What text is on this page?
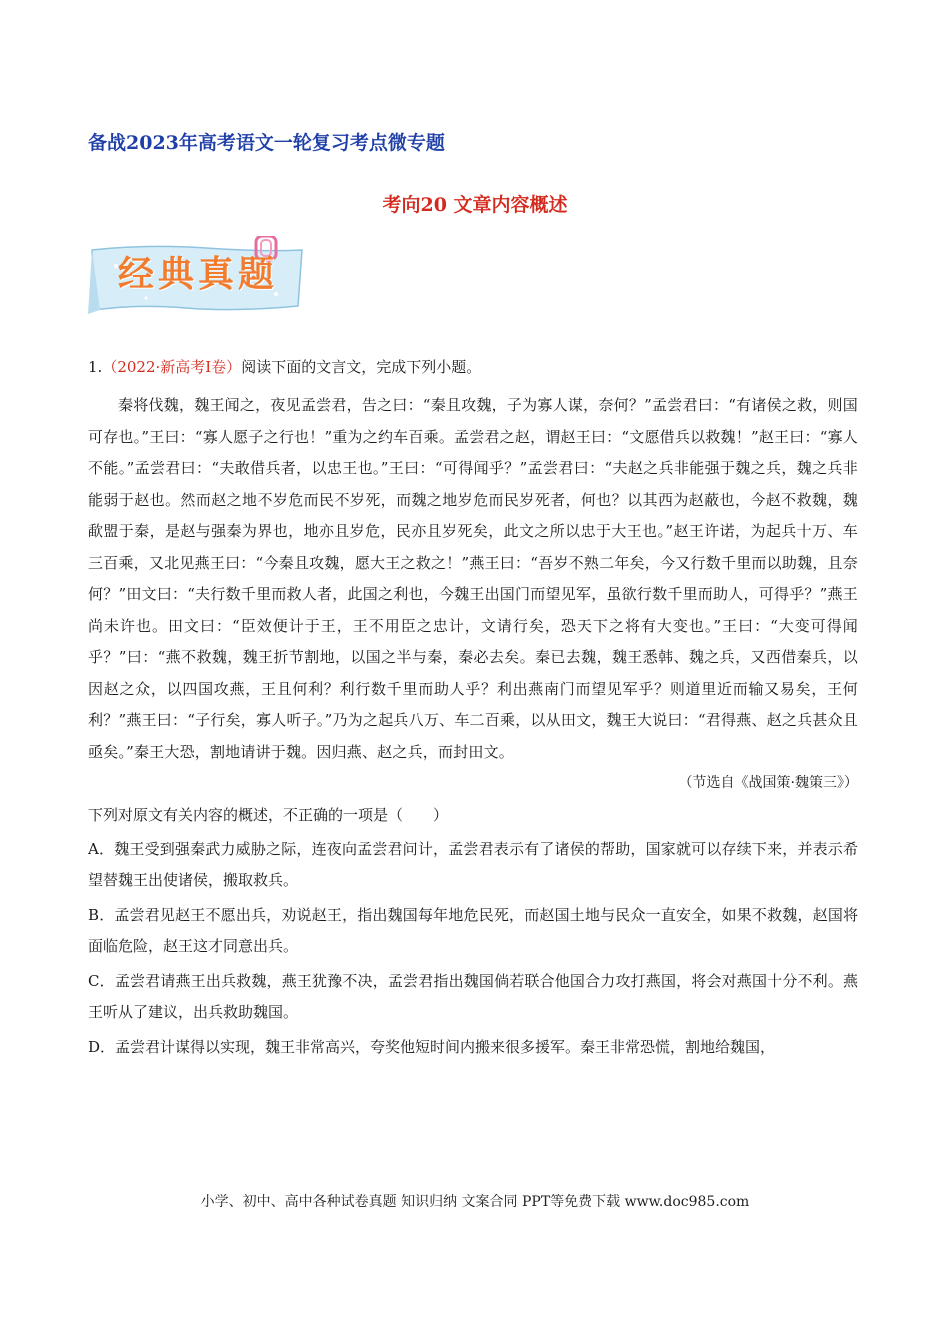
备战2023年高考语文一轮复习考点微专题
考向20 文章内容概述
经典真题

1.（2022·新高考Ⅰ卷）阅读下面的文言文，完成下列小题。

秦将伐魏，魏王闻之，夜见孟尝君，告之曰：“秦且攻魏，子为寡人谋，奈何？”孟尝君曰：“有诸侯之救，则国可存也。”王曰：“寡人愿子之行也！”重为之约车百乘。孟尝君之赵，谓赵王曰：“文愿借兵以救魏！”赵王曰：“寡人不能。”孟尝君曰：“夫敢借兵者，以忠王也。”王曰：“可得闻乎？”孟尝君曰：“夫赵之兵非能强于魏之兵，魏之兵非能弱于赵也。然而赵之地不岁危而民不岁死，而魏之地岁危而民岁死者，何也？以其西为赵蔽也，今赵不救魏，魏歃盟于秦，是赵与强秦为界也，地亦且岁危，民亦且岁死矣，此文之所以忠于大王也。”赵王许诺，为起兵十万、车三百乘，又北见燕王曰：“今秦且攻魏，愿大王之救之！”燕王曰：“吾岁不熟二年矣，今又行数千里而以助魏，且奈何？”田文曰：“夫行数千里而救人者，此国之利也，今魏王出国门而望见军，虽欲行数千里而助人，可得乎？”燕王尚未许也。田文曰：“臣效便计于王，王不用臣之忠计，文请行矣，恐天下之将有大变也。”王曰：“大变可得闻乎？”曰：“燕不救魏，魏王折节割地，以国之半与秦，秦必去矣。秦已去魏，魏王悉韩、魏之兵，又西借秦兵，以因赵之众，以四国攻燕，王且何利？利行数千里而助人乎？利出燕南门而望见军乎？则道里近而输又易矣，王何利？”燕王曰：“子行矣，寡人听子。”乃为之起兵八万、车二百乘，以从田文，魏王大说曰：“君得燕、赵之兵甚众且亟矣。”秦王大恐，割地请讲于魏。因归燕、赵之兵，而封田文。

（节选自《战国策·魏策三》）

下列对原文有关内容的概述，不正确的一项是（　　）

A．魏王受到强秦武力威胁之际，连夜向孟尝君问计，孟尝君表示有了诸侯的帮助，国家就可以存续下来，并表示希望替魏王出使诸侯，搬取救兵。

B．孟尝君见赵王不愿出兵，劝说赵王，指出魏国每年地危民死，而赵国土地与民众一直安全，如果不救魏，赵国将面临危险，赵王这才同意出兵。

C．孟尝君请燕王出兵救魏，燕王犹豫不决，孟尝君指出魏国倘若联合他国合力攻打燕国，将会对燕国十分不利。燕王听从了建议，出兵救助魏国。

D．孟尝君计谋得以实现，魏王非常高兴，夸奖他短时间内搬来很多援军。秦王非常恐慌，割地给魏国，

小学、初中、高中各种试卷真题 知识归纳 文案合同 PPT等免费下载 www.doc985.com
